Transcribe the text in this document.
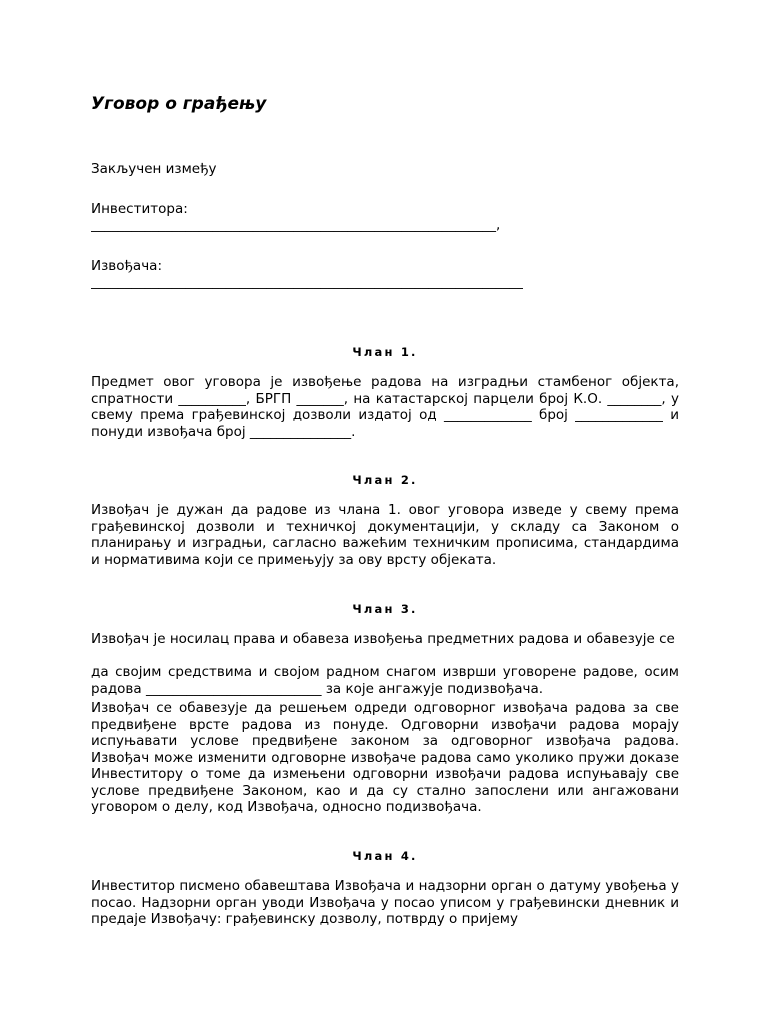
Уговор о грађењу

Закључен између

Инвеститора:

____________________________________________________________,

Извођача:

________________________________________________________________

Члан 1.

Предмет овог уговора је извођење радова на изградњи стамбеног објекта, спратности __________, БРГП _______, на катастарској парцели број К.О. ________, у свему према грађевинској дозволи издатој од _____________ број _____________ и понуди извођача број _______________.

Члан 2.

Извођач је дужан да радове из члана 1. овог уговора изведе у свему према грађевинској дозволи и техничкој документацији, у складу са Законом о планирању и изградњи, сагласно важећим техничким прописима, стандардима и нормативима који се примењују за ову врсту објеката.

Члан 3.

Извођач је носилац права и обавеза извођења предметних радова и обавезује се

да својим средствима и својом радном снагом изврши уговорене радове, осим радова __________________________ за које ангажује подизвођача.

Извођач се обавезује да решењем одреди одговорног извођача радова за све предвиђене врсте радова из понуде. Одговорни извођачи радова морају испуњавати услове предвиђене законом за одговорног извођача радова. Извођач може изменити одговорне извођаче радова само уколико пружи доказе Инвеститору о томе да измењени одговорни извођачи радова испуњавају све услове предвиђене Законом, као и да су стално запослени или ангажовани уговором о делу, код Извођача, односно подизвођача.

Члан 4.

Инвеститор писмено обавештава Извођача и надзорни орган о датуму увођења у посао. Надзорни орган уводи Извођача у посао уписом у грађевински дневник и предаје Извођачу: грађевинску дозволу, потврду о пријему
